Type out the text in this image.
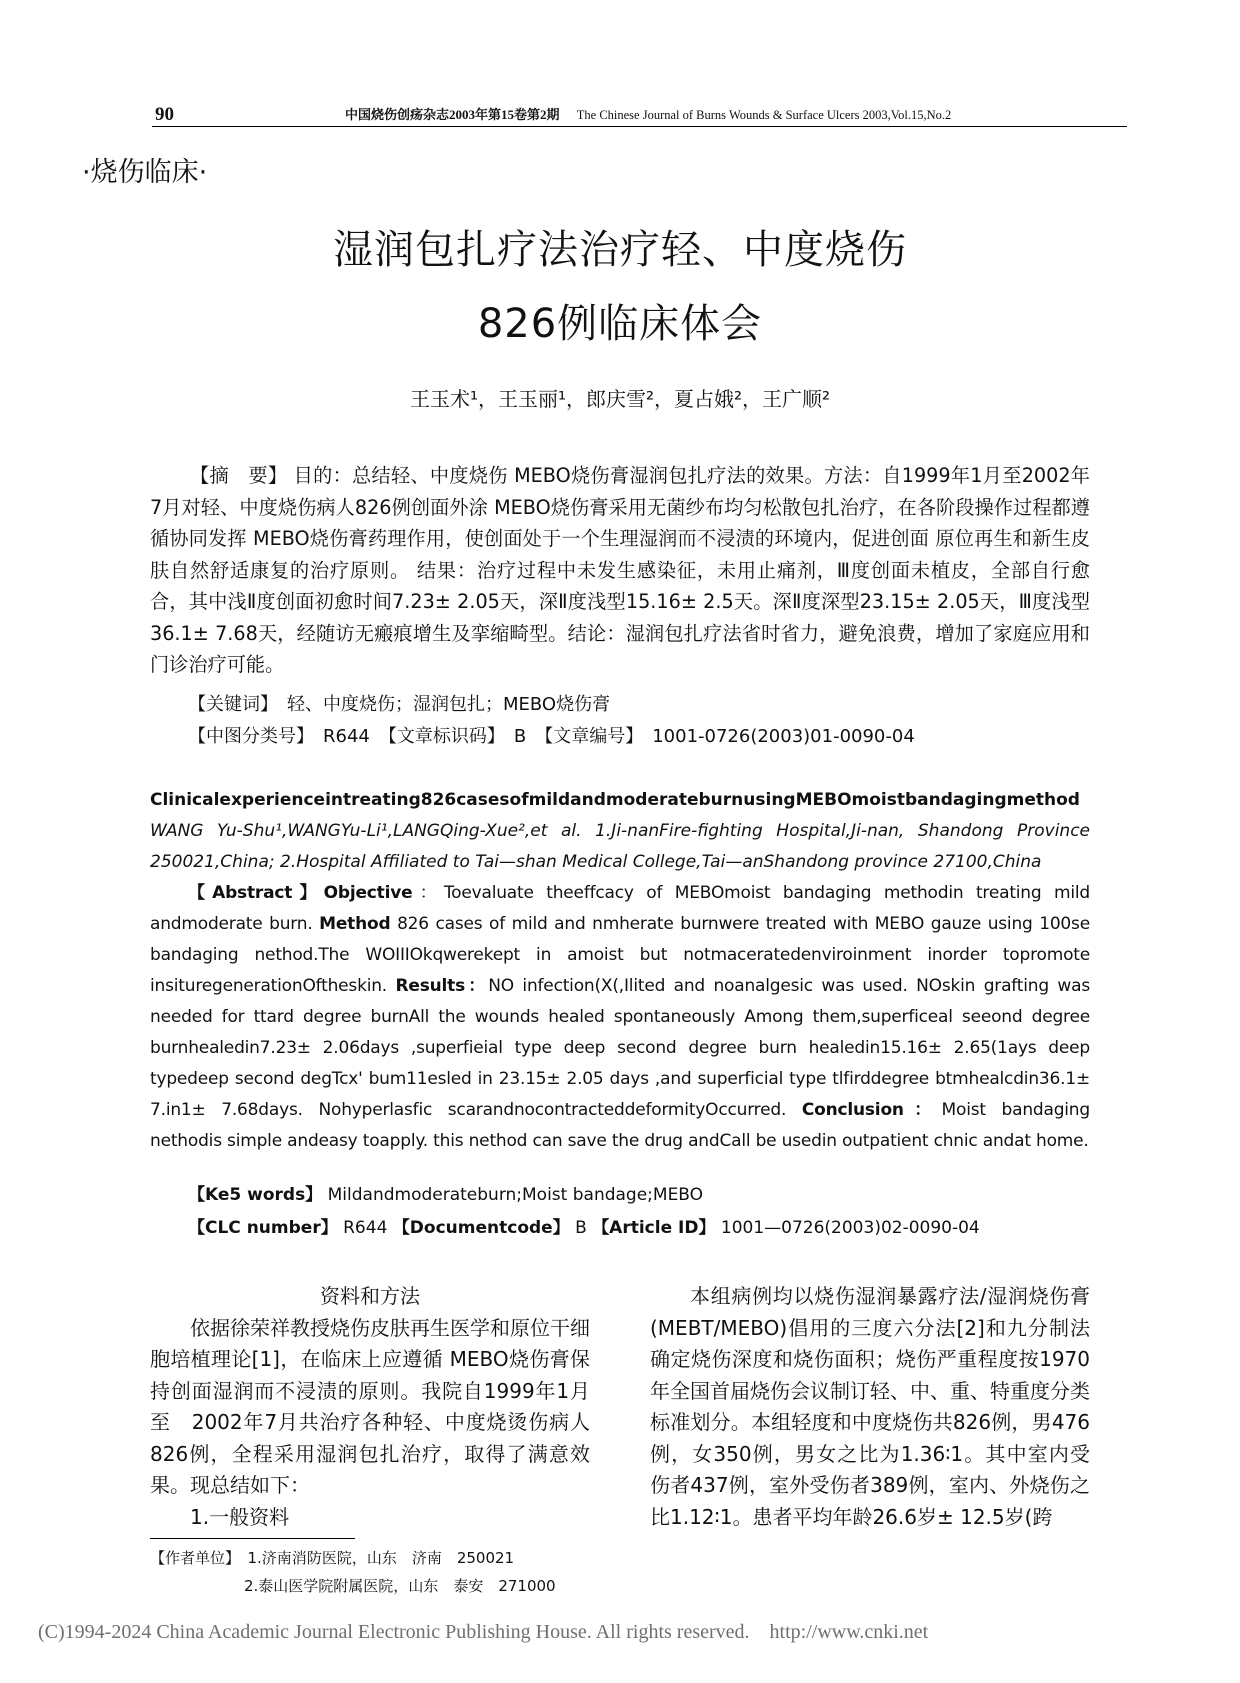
90	中国烧伤创疡杂志2003年第15卷第2期 The Chinese Journal of Burns Wounds & Surface Ulcers 2003,Vol.15,No.2
·烧伤临床·
湿润包扎疗法治疗轻、中度烧伤
826例临床体会
王玉术¹，王玉丽¹，郎庆雪²，夏占娥²，王广顺²
【摘　要】 目的：总结轻、中度烧伤 MEBO烧伤膏湿润包扎疗法的效果。方法：自1999年1月至2002年7月对轻、中度烧伤病人826例创面外涂 MEBO烧伤膏采用无菌纱布均匀松散包扎治疗，在各阶段操作过程都遵循协同发挥 MEBO烧伤膏药理作用，使创面处于一个生理湿润而不浸渍的环境内，促进创面 原位再生和新生皮肤自然舒适康复的治疗原则。 结果：治疗过程中未发生感染征，未用止痛剂，Ⅲ度创面未植皮，全部自行愈合，其中浅Ⅱ度创面初愈时间7.23± 2.05天，深Ⅱ度浅型15.16± 2.5天。深Ⅱ度深型23.15± 2.05天，Ⅲ度浅型36.1± 7.68天，经随访无瘢痕增生及挛缩畸型。结论：湿润包扎疗法省时省力，避免浪费，增加了家庭应用和门诊治疗可能。
【关键词】　轻、中度烧伤；湿润包扎；MEBO烧伤膏
【中图分类号】　R644　【文章标识码】　B　【文章编号】　1001-0726(2003)01-0090-04
Clinicalexperienceintreating826casesofmildandmoderateburnusingMEBOmoistbandagingmethod WANG Yu-Shu¹,WANGYu-Li¹,LANGQing-Xue²,et al. 1.Ji-nanFire-fighting Hospital,Ji-nan, Shandong Province 250021,China; 2.Hospital Affiliated to Tai—shan Medical College,Tai—anShandong province 27100,China
【Abstract】Objective：Toevaluate theeffcacy of MEBOmoist bandaging methodin treating mild andmoderate burn. Method 826 cases of mild and nmherate burnwere treated with MEBO gauze using 100se bandaging nethod.The WOIIIOkqwerekept in amoist but notmaceratedenviroinment inorder topromote insituregenerationOftheskin. Results：NO infection(X(,Ilited and noanalgesic was used. NOskin grafting was needed for ttard degree burnAll the wounds healed spontaneously Among them,superficeal seeond degree burnhealedin7.23± 2.06days ,superfieial type deep second degree burn healedin15.16± 2.65(1ays deep typedeep second degTcx' bum11esled in 23.15± 2.05 days ,and superficial type tlfirddegree btmhealcdin36.1± 7.in1± 7.68days. Nohyperlasfic scarandnocontracteddeformityOccurred. Conclusion：Moist bandaging nethodis simple andeasy toapply. this nethod can save the drug andCall be usedin outpatient chnic andat home.
【Ke5 words】 Mildandmoderateburn;Moist bandage;MEBO
【CLC number】 R644 【Documentcode】 B 【Article ID】 1001—0726(2003)02-0090-04
资料和方法
依据徐荣祥教授烧伤皮肤再生医学和原位干细胞培植理论[1]，在临床上应遵循 MEBO烧伤膏保持创面湿润而不浸渍的原则。我院自1999年1月至　2002年7月共治疗各种轻、中度烧烫伤病人826例，全程采用湿润包扎治疗，取得了满意效果。现总结如下：
1.一般资料
本组病例均以烧伤湿润暴露疗法/湿润烧伤膏(MEBT/MEBO)倡用的三度六分法[2]和九分制法确定烧伤深度和烧伤面积；烧伤严重程度按1970年全国首届烧伤会议制订轻、中、重、特重度分类标准划分。本组轻度和中度烧伤共826例，男476例，女350例，男女之比为1.36∶1。其中室内受伤者437例，室外受伤者389例，室内、外烧伤之比1.12∶1。患者平均年龄26.6岁± 12.5岁(跨
【作者单位】　1.济南消防医院，山东　济南　250021
2.泰山医学院附属医院，山东　泰安　271000
(C)1994-2024 China Academic Journal Electronic Publishing House. All rights reserved.　http://www.cnki.net
